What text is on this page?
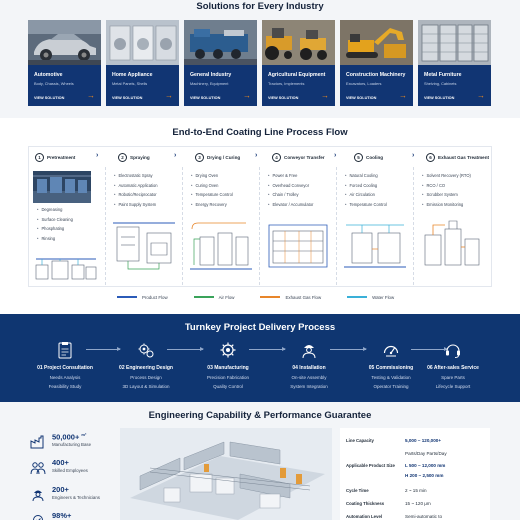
Solutions for Every Industry
Automotive
Body, Chassis, Wheels
VIEW SOLUTION	→
Home Appliance
Metal Panels, Shells
VIEW SOLUTION	→
General Industry
Machinery, Equipment
VIEW SOLUTION	→
Agricultural Equipment
Tractors, Implements
VIEW SOLUTION	→
Construction Machinery
Excavators, Loaders
VIEW SOLUTION	→
Metal Furniture
Shelving, Cabinets
VIEW SOLUTION	→
End-to-End Coating Line Process Flow
1	Pretreatment	›	2	Spraying	›	3	Drying / Curing ›	4	Conveyor Transfer ›	5	Cooling	›	6	Exhaust Gas Treatment
• Degreasing
• Surface Cleaning
• Phosphating
• Rinsing
• Electrostatic Spray
• Automatic Application
• Robotic/Reciprocator
• Paint Supply System
• Drying Oven
• Curing Oven
• Temperature Control
• Energy Recovery
• Power & Free
• Overhead Conveyor
• Chain / Trolley
• Elevator / Accumulator
• Natural Cooling
• Forced Cooling
• Air Circulation
• Temperature Control
• Solvent Recovery (RTO)
• RCO / CO
• Scrubber System
• Emission Monitoring
Product Flow	Air Flow	Exhaust Gas Flow	Water Flow
Turnkey Project Delivery Process
01 Project Consultation
Needs Analysis
Feasibility Study
02 Engineering Design
Process Design
3D Layout & Simulation
03 Manufacturing
Precision Fabrication
Quality Control
04 Installation
On-site Assembly
System Integration
05 Commissioning
Testing & Validation
Operator Training
06 After-sales Service
Spare Parts
Lifecycle Support
Engineering Capability & Performance Guarantee
50,000+ $^{m^2}$
Manufacturing Base
400+
Skilled Employees
200+
Engineers & Technicians
98%+
Line Capacity	5,000 ~ 120,000+
Parts/Day Parts/Day
Applicable Product Size L 500 ~ 12,000 mm
H 200 ~ 2,500 mm
Cycle Time	2 ~ 15 min
Coating Thickness	15 ~ 120 μm
Automation Level	Semi-automatic to
